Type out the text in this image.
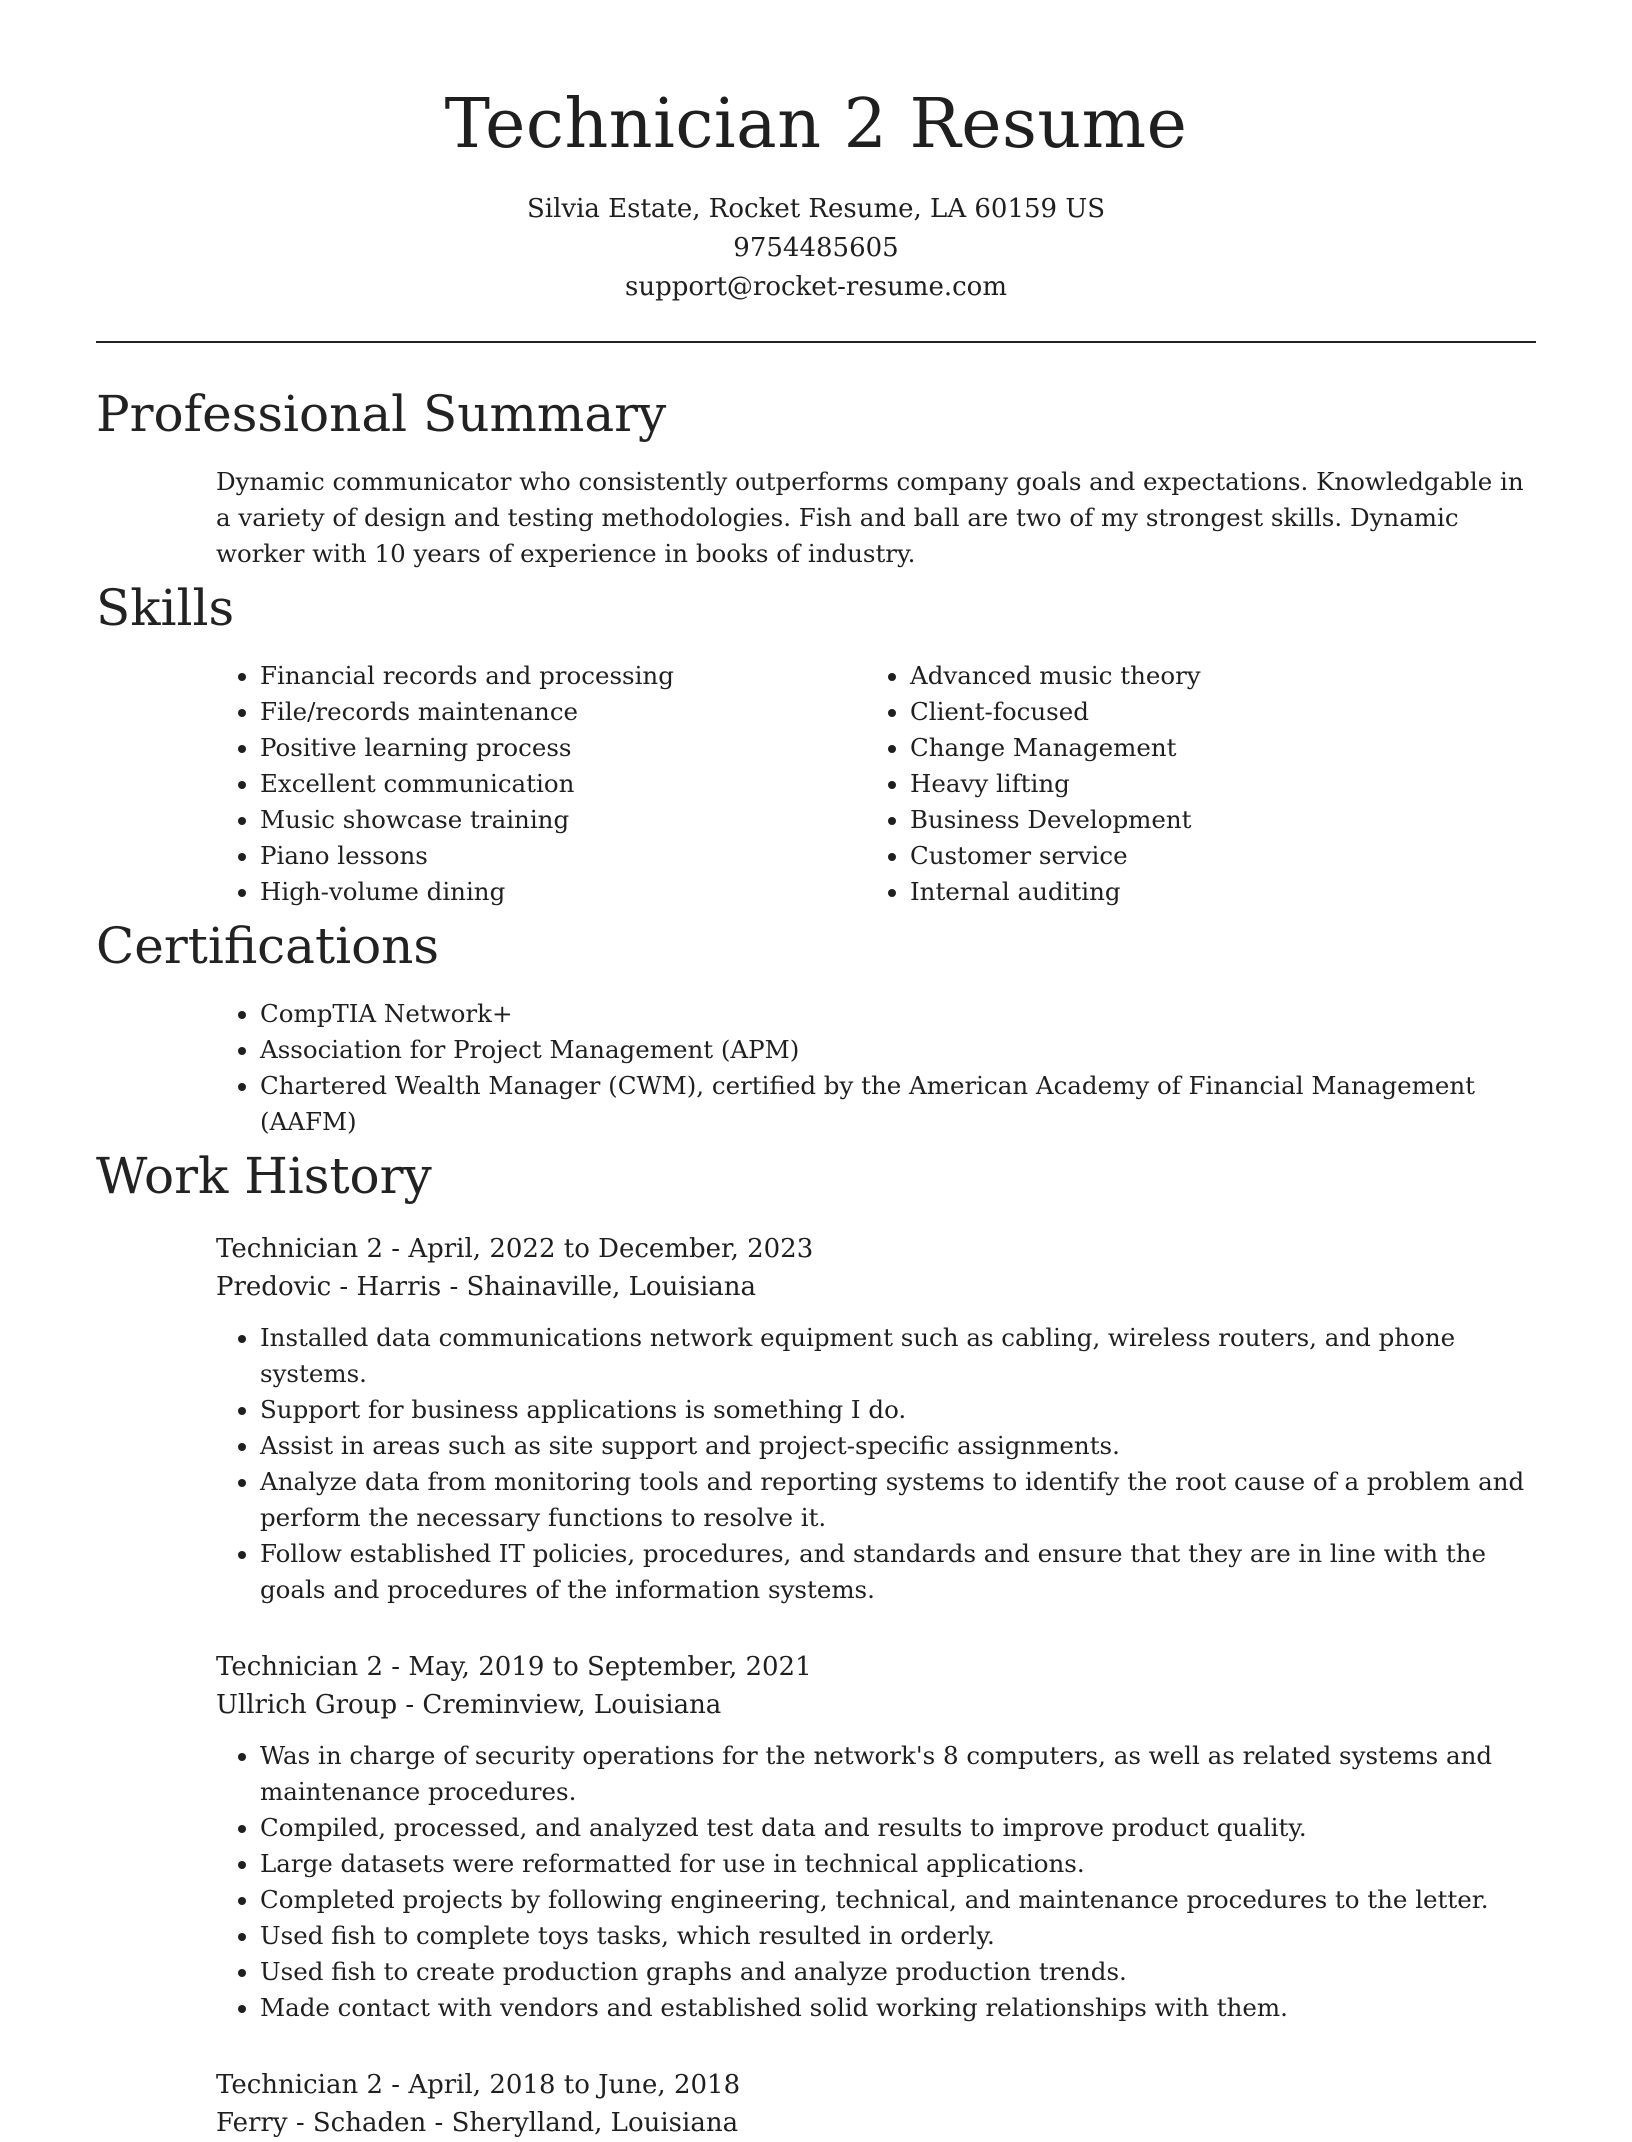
Technician 2 Resume
Silvia Estate, Rocket Resume, LA 60159 US
9754485605
support@rocket-resume.com
Professional Summary

Dynamic communicator who consistently outperforms company goals and expectations. Knowledgable in a variety of design and testing methodologies. Fish and ball are two of my strongest skills. Dynamic worker with 10 years of experience in books of industry.

Skills
• Financial records and processing
• File/records maintenance
• Positive learning process
• Excellent communication
• Music showcase training
• Piano lessons
• High-volume dining
• Advanced music theory
• Client-focused
• Change Management
• Heavy lifting
• Business Development
• Customer service
• Internal auditing
Certifications
• CompTIA Network+
• Association for Project Management (APM)
• Chartered Wealth Manager (CWM), certified by the American Academy of Financial Management (AAFM)
Work History
Technician 2 - April, 2022 to December, 2023
Predovic - Harris - Shainaville, Louisiana
• Installed data communications network equipment such as cabling, wireless routers, and phone systems.
• Support for business applications is something I do.
• Assist in areas such as site support and project-specific assignments.
• Analyze data from monitoring tools and reporting systems to identify the root cause of a problem and perform the necessary functions to resolve it.
• Follow established IT policies, procedures, and standards and ensure that they are in line with the goals and procedures of the information systems.
Technician 2 - May, 2019 to September, 2021
Ullrich Group - Creminview, Louisiana
• Was in charge of security operations for the network's 8 computers, as well as related systems and maintenance procedures.
• Compiled, processed, and analyzed test data and results to improve product quality.
• Large datasets were reformatted for use in technical applications.
• Completed projects by following engineering, technical, and maintenance procedures to the letter.
• Used fish to complete toys tasks, which resulted in orderly.
• Used fish to create production graphs and analyze production trends.
• Made contact with vendors and established solid working relationships with them.
Technician 2 - April, 2018 to June, 2018
Ferry - Schaden - Sherylland, Louisiana
